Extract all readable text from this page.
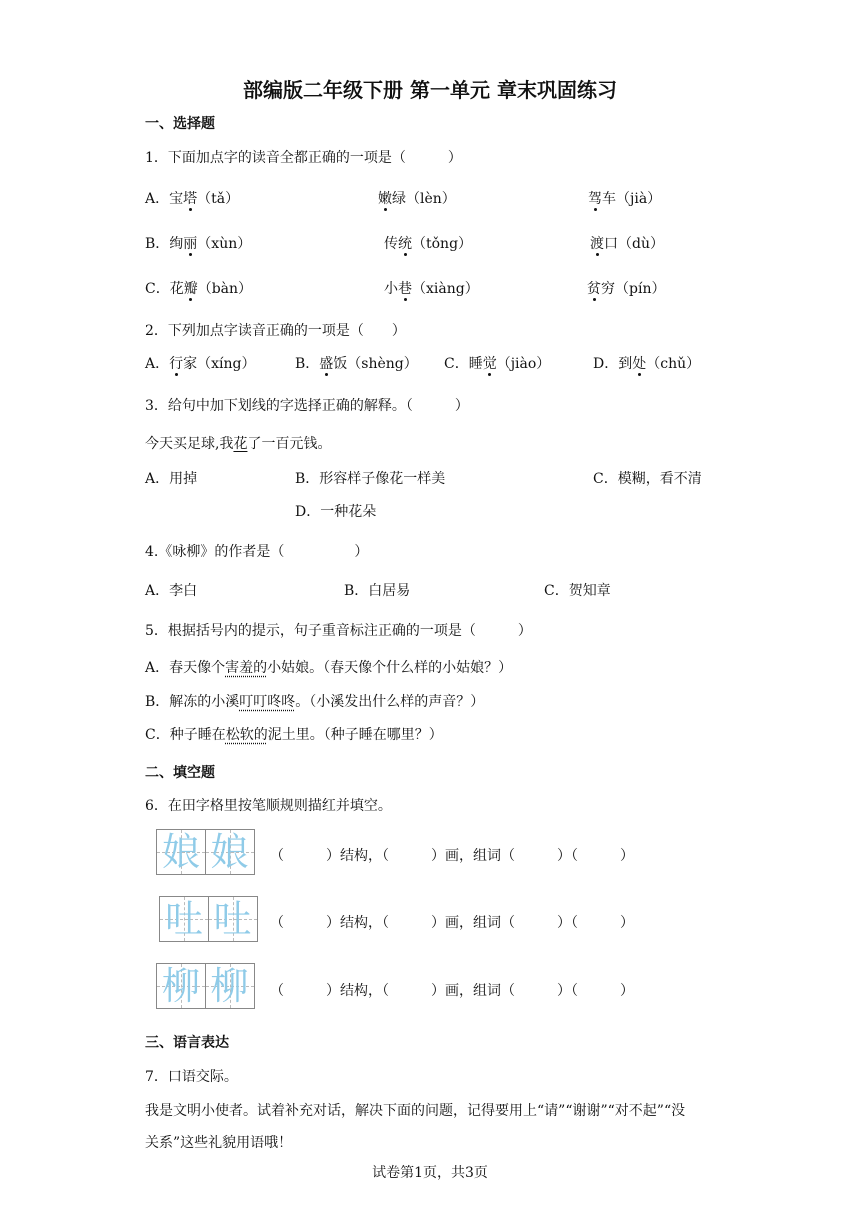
部编版二年级下册 第一单元 章末巩固练习
一、选择题
1．下面加点字的读音全都正确的一项是（　　　）
A．宝塔（tǎ）	嫩绿（lèn）	驾车（jià）
B．绚丽（xùn）	传统（tǒng）	渡口（dù）
C．花瓣（bàn）	小巷（xiàng）	贫穷（pín）
2．下列加点字读音正确的一项是（　　）
A．行家（xíng）	B．盛饭（shèng） C．睡觉（jiào）	D．到处（chǔ）
3．给句中加下划线的字选择正确的解释。（　　　）
今天买足球,我花了一百元钱。
A．用掉	B．形容样子像花一样美	C．模糊，看不清
D．一种花朵
4.《咏柳》的作者是（　　　　　）
A．李白	B．白居易	C．贺知章
5．根据括号内的提示，句子重音标注正确的一项是（　　　）
A．春天像个害羞的小姑娘。（春天像个什么样的小姑娘？）
B．解冻的小溪叮叮咚咚。（小溪发出什么样的声音？）
C．种子睡在松软的泥土里。（种子睡在哪里？）
二、填空题
6．在田字格里按笔顺规则描红并填空。
娘 娘	（　　　）结构，（　　　）画，组词（　　　）（　　　）
吐 吐	（　　　）结构，（　　　）画，组词（　　　）（　　　）
柳 柳	（　　　）结构，（　　　）画，组词（　　　）（　　　）
三、语言表达
7．口语交际。
我是文明小使者。试着补充对话，解决下面的问题，记得要用上“请”“谢谢”“对不起”“没
关系”这些礼貌用语哦！
试卷第1页，共3页
